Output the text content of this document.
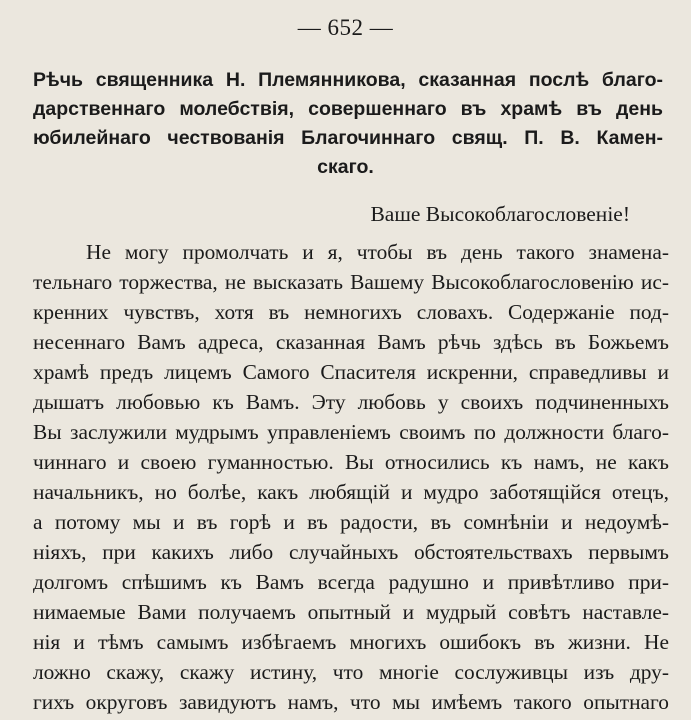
— 652 —
Рѣчь священника Н. Племянникова, сказанная послѣ благо-
дарственнаго молебствія, совершеннаго въ храмѣ въ день
юбилейнаго чествованія Благочиннаго свящ. П. В. Камен-
скаго.
Ваше Высокоблагословеніе!
Не могу промолчать и я, чтобы въ день такого знамена-
тельнаго торжества, не высказать Вашему Высокоблагословенію ис-
кренних чувствъ, хотя въ немногихъ словахъ. Содержаніе под-
несеннаго Вамъ адреса, сказанная Вамъ рѣчь здѣсь въ Божьемъ
храмѣ предъ лицемъ Самого Спасителя искренни, справедливы и
дышатъ любовью къ Вамъ. Эту любовь у своихъ подчиненныхъ
Вы заслужили мудрымъ управленіемъ своимъ по должности благо-
чиннаго и своею гуманностью. Вы относились къ намъ, не какъ
начальникъ, но болѣе, какъ любящій и мудро заботящійся отецъ,
а потому мы и въ горѣ и въ радости, въ сомнѣніи и недоумѣ-
ніяхъ, при какихъ либо случайныхъ обстоятельствахъ первымъ
долгомъ спѣшимъ къ Вамъ всегда радушно и привѣтливо при-
нимаемые Вами получаемъ опытный и мудрый совѣтъ наставле-
нія и тѣмъ самымъ избѣгаемъ многихъ ошибокъ въ жизни. Не
ложно скажу, скажу истину, что многіе сослуживцы изъ дру-
гихъ округовъ завидуютъ намъ, что мы имѣемъ такого опытнаго
